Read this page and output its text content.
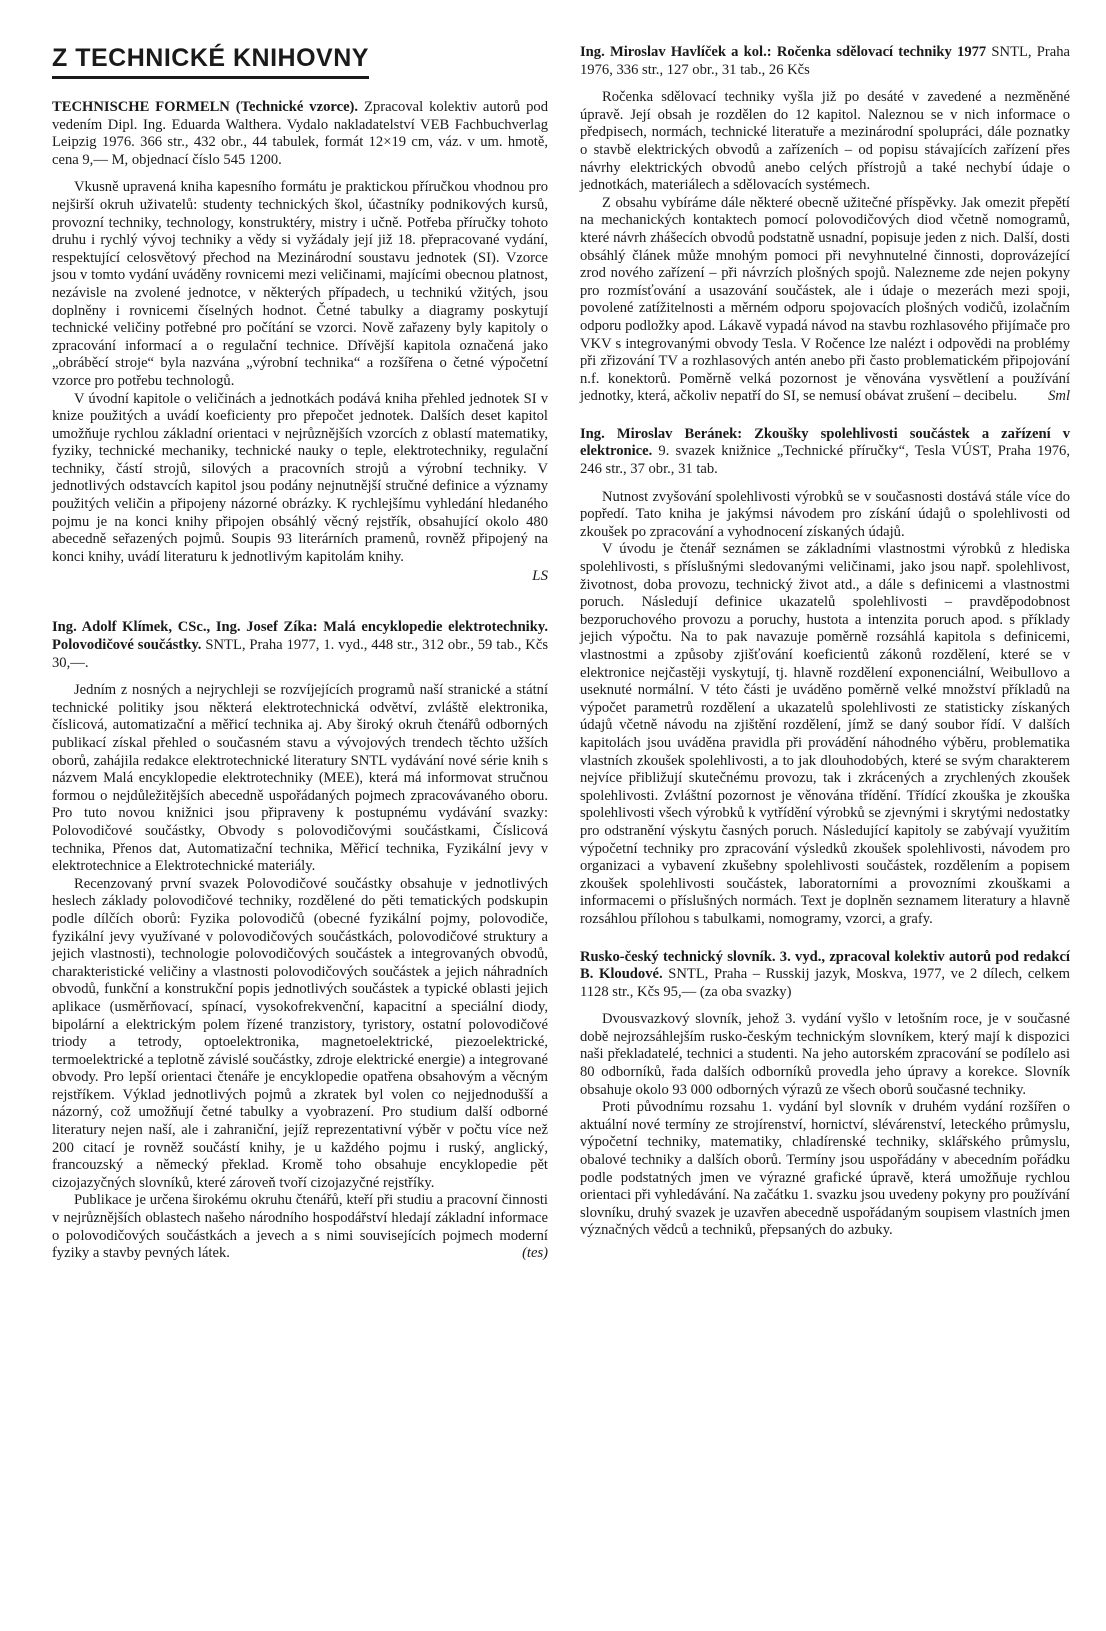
Z TECHNICKÉ KNIHOVNY

TECHNISCHE FORMELN (Technické vzorce). Zpracoval kolektiv autorů pod vedením Dipl. Ing. Eduarda Walthera. Vydalo nakladatelství VEB Fachbuchverlag Leipzig 1976. 366 str., 432 obr., 44 tabulek, formát 12×19 cm, váz. v um. hmotě, cena 9,— M, objednací číslo 545 1200.

Vkusně upravená kniha kapesního formátu je praktickou příručkou vhodnou pro nejširší okruh uživatelů: studenty technických škol, účastníky podnikových kursů, provozní techniky, technology, konstruktéry, mistry i učně. Potřeba příručky tohoto druhu i rychlý vývoj techniky a vědy si vyžádaly její již 18. přepracované vydání, respektující celosvětový přechod na Mezinárodní soustavu jednotek (SI). Vzorce jsou v tomto vydání uváděny rovnicemi mezi veličinami, majícími obecnou platnost, nezávisle na zvolené jednotce, v některých případech, u technikú vžitých, jsou doplněny i rovnicemi číselných hodnot. Četné tabulky a diagramy poskytují technické veličiny potřebné pro počítání se vzorci. Nově zařazeny byly kapitoly o zpracování informací a o regulační technice. Dřívější kapitola označená jako „obráběcí stroje“ byla nazvána „výrobní technika“ a rozšířena o četné výpočetní vzorce pro potřebu technologů.

V úvodní kapitole o veličinách a jednotkách podává kniha přehled jednotek SI v knize použitých a uvádí koeficienty pro přepočet jednotek. Dalších deset kapitol umožňuje rychlou základní orientaci v nejrůznějších vzorcích z oblastí matematiky, fyziky, technické mechaniky, technické nauky o teple, elektrotechniky, regulační techniky, částí strojů, silových a pracovních strojů a výrobní techniky. V jednotlivých odstavcích kapitol jsou podány nejnutnější stručné definice a významy použitých veličin a připojeny názorné obrázky. K rychlejšímu vyhledání hledaného pojmu je na konci knihy připojen obsáhlý věcný rejstřík, obsahující okolo 480 abecedně seřazených pojmů. Soupis 93 literárních pramenů, rovněž připojený na konci knihy, uvádí literaturu k jednotlivým kapitolám knihy.

LS

Ing. Adolf Klímek, CSc., Ing. Josef Zíka: Malá encyklopedie elektrotechniky. Polovodičové součástky. SNTL, Praha 1977, 1. vyd., 448 str., 312 obr., 59 tab., Kčs 30,—.

Jedním z nosných a nejrychleji se rozvíjejících programů naší stranické a státní technické politiky jsou některá elektrotechnická odvětví, zvláště elektronika, číslicová, automatizační a měřicí technika aj. Aby široký okruh čtenářů odborných publikací získal přehled o současném stavu a vývojových trendech těchto užších oborů, zahájila redakce elektrotechnické literatury SNTL vydávání nové série knih s názvem Malá encyklopedie elektrotechniky (MEE), která má informovat stručnou formou o nejdůležitějších abecedně uspořádaných pojmech zpracovávaného oboru. Pro tuto novou knižnici jsou připraveny k postupnému vydávání svazky: Polovodičové součástky, Obvody s polovodičovými součástkami, Číslicová technika, Přenos dat, Automatizační technika, Měřicí technika, Fyzikální jevy v elektrotechnice a Elektrotechnické materiály.

Recenzovaný první svazek Polovodičové součástky obsahuje v jednotlivých heslech základy polovodičové techniky, rozdělené do pěti tematických podskupin podle dílčích oborů: Fyzika polovodičů (obecné fyzikální pojmy, polovodiče, fyzikální jevy využívané v polovodičových součástkách, polovodičové struktury a jejich vlastnosti), technologie polovodičových součástek a integrovaných obvodů, charakteristické veličiny a vlastnosti polovodičových součástek a jejich náhradních obvodů, funkční a konstrukční popis jednotlivých součástek a typické oblasti jejich aplikace (usměrňovací, spínací, vysokofrekvenční, kapacitní a speciální diody, bipolární a elektrickým polem řízené tranzistory, tyristory, ostatní polovodičové triody a tetrody, optoelektronika, magnetoelektrické, piezoelektrické, termoelektrické a teplotně závislé součástky, zdroje elektrické energie) a integrované obvody. Pro lepší orientaci čtenáře je encyklopedie opatřena obsahovým a věcným rejstříkem. Výklad jednotlivých pojmů a zkratek byl volen co nejjednodušší a názorný, což umožňují četné tabulky a vyobrazení. Pro studium další odborné literatury nejen naší, ale i zahraniční, jejíž reprezentativní výběr v počtu více než 200 citací je rovněž součástí knihy, je u každého pojmu i ruský, anglický, francouzský a německý překlad. Kromě toho obsahuje encyklopedie pět cizojazyčných slovníků, které zároveň tvoří cizojazyčné rejstříky.

Publikace je určena širokému okruhu čtenářů, kteří při studiu a pracovní činnosti v nejrůznějších oblastech našeho národního hospodářství hledají základní informace o polovodičových součástkách a jevech a s nimi souvisejících pojmech moderní fyziky a stavby pevných látek.	(tes)

Ing. Miroslav Havlíček a kol.: Ročenka sdělovací techniky 1977 SNTL, Praha 1976, 336 str., 127 obr., 31 tab., 26 Kčs

Ročenka sdělovací techniky vyšla již po desáté v zavedené a nezměněné úpravě. Její obsah je rozdělen do 12 kapitol. Naleznou se v nich informace o předpisech, normách, technické literatuře a mezinárodní spolupráci, dále poznatky o stavbě elektrických obvodů a zařízeních – od popisu stávajících zařízení přes návrhy elektrických obvodů anebo celých přístrojů a také nechybí údaje o jednotkách, materiálech a sdělovacích systémech.

Z obsahu vybíráme dále některé obecně užitečné příspěvky. Jak omezit přepětí na mechanických kontaktech pomocí polovodičových diod včetně nomogramů, které návrh zhášecích obvodů podstatně usnadní, popisuje jeden z nich. Další, dosti obsáhlý článek může mnohým pomoci při nevyhnutelné činnosti, doprovázející zrod nového zařízení – při návrzích plošných spojů. Nalezneme zde nejen pokyny pro rozmísťování a usazování součástek, ale i údaje o mezerách mezi spoji, povolené zatížitelnosti a měrném odporu spojovacích plošných vodičů, izolačním odporu podložky apod. Lákavě vypadá návod na stavbu rozhlasového přijímače pro VKV s integrovanými obvody Tesla. V Ročence lze nalézt i odpovědi na problémy při zřizování TV a rozhlasových antén anebo při často problematickém připojování n.f. konektorů. Poměrně velká pozornost je věnována vysvětlení a používání jednotky, která, ačkoliv nepatří do SI, se nemusí obávat zrušení – decibelu.	Sml

Ing. Miroslav Beránek: Zkoušky spolehlivosti součástek a zařízení v elektronice. 9. svazek knižnice „Technické příručky“, Tesla VÚST, Praha 1976, 246 str., 37 obr., 31 tab.

Nutnost zvyšování spolehlivosti výrobků se v současnosti dostává stále více do popředí. Tato kniha je jakýmsi návodem pro získání údajů o spolehlivosti od zkoušek po zpracování a vyhodnocení získaných údajů.

V úvodu je čtenář seznámen se základními vlastnostmi výrobků z hlediska spolehlivosti, s příslušnými sledovanými veličinami, jako jsou např. spolehlivost, životnost, doba provozu, technický život atd., a dále s definicemi a vlastnostmi poruch. Následují definice ukazatelů spolehlivosti – pravděpodobnost bezporuchového provozu a poruchy, hustota a intenzita poruch apod. s příklady jejich výpočtu. Na to pak navazuje poměrně rozsáhlá kapitola s definicemi, vlastnostmi a způsoby zjišťování koeficientů zákonů rozdělení, které se v elektronice nejčastěji vyskytují, tj. hlavně rozdělení exponenciální, Weibullovo a useknuté normální. V této části je uváděno poměrně velké množství příkladů na výpočet parametrů rozdělení a ukazatelů spolehlivosti ze statisticky získaných údajů včetně návodu na zjištění rozdělení, jímž se daný soubor řídí. V dalších kapitolách jsou uváděna pravidla při provádění náhodného výběru, problematika vlastních zkoušek spolehlivosti, a to jak dlouhodobých, které se svým charakterem nejvíce přibližují skutečnému provozu, tak i zkrácených a zrychlených zkoušek spolehlivosti. Zvláštní pozornost je věnována třídění. Třídící zkouška je zkouška spolehlivosti všech výrobků k vytřídění výrobků se zjevnými i skrytými nedostatky pro odstranění výskytu časných poruch. Následující kapitoly se zabývají využitím výpočetní techniky pro zpracování výsledků zkoušek spolehlivosti, návodem pro organizaci a vybavení zkušebny spolehlivosti součástek, rozdělením a popisem zkoušek spolehlivosti součástek, laboratorními a provozními zkouškami a informacemi o příslušných normách. Text je doplněn seznamem literatury a hlavně rozsáhlou přílohou s tabulkami, nomogramy, vzorci, a grafy.

Rusko-český technický slovník. 3. vyd., zpracoval kolektiv autorů pod redakcí B. Kloudové. SNTL, Praha – Russkij jazyk, Moskva, 1977, ve 2 dílech, celkem 1128 str., Kčs 95,— (za oba svazky)

Dvousvazkový slovník, jehož 3. vydání vyšlo v letošním roce, je v současné době nejrozsáhlejším rusko-českým technickým slovníkem, který mají k dispozici naši překladatelé, technici a studenti. Na jeho autorském zpracování se podílelo asi 80 odborníků, řada dalších odborníků provedla jeho úpravy a korekce. Slovník obsahuje okolo 93 000 odborných výrazů ze všech oborů současné techniky.

Proti původnímu rozsahu 1. vydání byl slovník v druhém vydání rozšířen o aktuální nové termíny ze strojírenství, hornictví, slévárenství, leteckého průmyslu, výpočetní techniky, matematiky, chladírenské techniky, sklářského průmyslu, obalové techniky a dalších oborů. Termíny jsou uspořádány v abecedním pořádku podle podstatných jmen ve výrazné grafické úpravě, která umožňuje rychlou orientaci při vyhledávání. Na začátku 1. svazku jsou uvedeny pokyny pro používání slovníku, druhý svazek je uzavřen abecedně uspořádaným soupisem vlastních jmen význačných vědců a techniků, přepsaných do azbuky.
